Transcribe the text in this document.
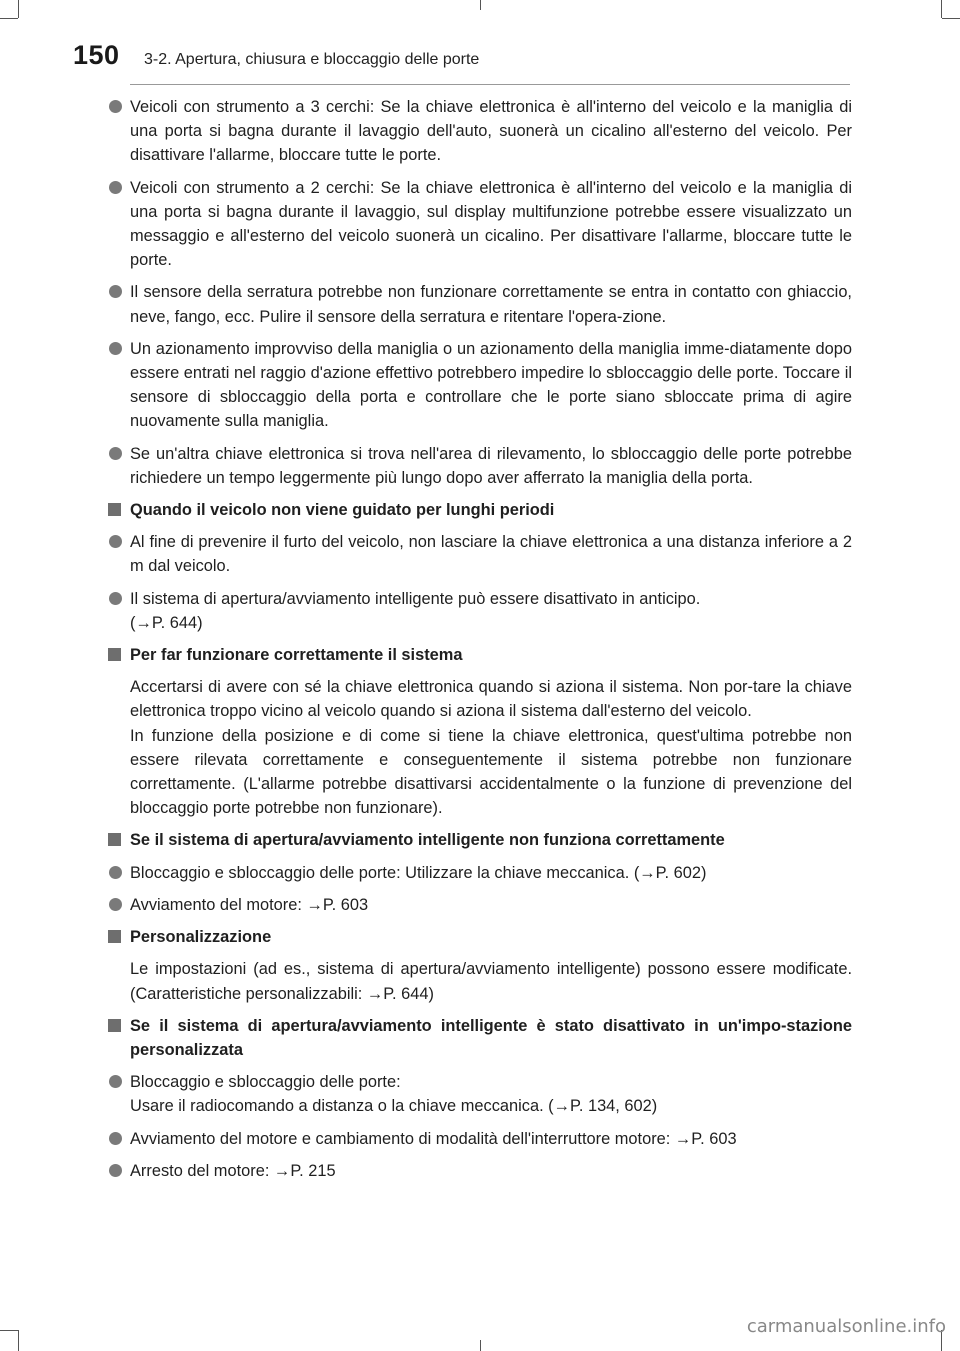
150 3-2. Apertura, chiusura e bloccaggio delle porte
Veicoli con strumento a 3 cerchi: Se la chiave elettronica è all'interno del veicolo e la maniglia di una porta si bagna durante il lavaggio dell'auto, suonerà un cicalino all'esterno del veicolo. Per disattivare l'allarme, bloccare tutte le porte.
Veicoli con strumento a 2 cerchi: Se la chiave elettronica è all'interno del veicolo e la maniglia di una porta si bagna durante il lavaggio, sul display multifunzione potrebbe essere visualizzato un messaggio e all'esterno del veicolo suonerà un cicalino. Per disattivare l'allarme, bloccare tutte le porte.
Il sensore della serratura potrebbe non funzionare correttamente se entra in contatto con ghiaccio, neve, fango, ecc. Pulire il sensore della serratura e ritentare l'opera-zione.
Un azionamento improvviso della maniglia o un azionamento della maniglia imme-diatamente dopo essere entrati nel raggio d'azione effettivo potrebbero impedire lo sbloccaggio delle porte. Toccare il sensore di sbloccaggio della porta e controllare che le porte siano sbloccate prima di agire nuovamente sulla maniglia.
Se un'altra chiave elettronica si trova nell'area di rilevamento, lo sbloccaggio delle porte potrebbe richiedere un tempo leggermente più lungo dopo aver afferrato la maniglia della porta.
Quando il veicolo non viene guidato per lunghi periodi
Al fine di prevenire il furto del veicolo, non lasciare la chiave elettronica a una distanza inferiore a 2 m dal veicolo.
Il sistema di apertura/avviamento intelligente può essere disattivato in anticipo.
(→P. 644)
Per far funzionare correttamente il sistema
Accertarsi di avere con sé la chiave elettronica quando si aziona il sistema. Non por-tare la chiave elettronica troppo vicino al veicolo quando si aziona il sistema dall'esterno del veicolo.
In funzione della posizione e di come si tiene la chiave elettronica, quest'ultima potrebbe non essere rilevata correttamente e conseguentemente il sistema potrebbe non funzionare correttamente. (L'allarme potrebbe disattivarsi accidentalmente o la funzione di prevenzione del bloccaggio porte potrebbe non funzionare).
Se il sistema di apertura/avviamento intelligente non funziona correttamente
Bloccaggio e sbloccaggio delle porte: Utilizzare la chiave meccanica. (→P. 602)
Avviamento del motore: →P. 603
Personalizzazione
Le impostazioni (ad es., sistema di apertura/avviamento intelligente) possono essere modificate. (Caratteristiche personalizzabili: →P. 644)
Se il sistema di apertura/avviamento intelligente è stato disattivato in un'impo-stazione personalizzata
Bloccaggio e sbloccaggio delle porte:
Usare il radiocomando a distanza o la chiave meccanica. (→P. 134, 602)
Avviamento del motore e cambiamento di modalità dell'interruttore motore: →P. 603
Arresto del motore: →P. 215
carmanualsonline.info
